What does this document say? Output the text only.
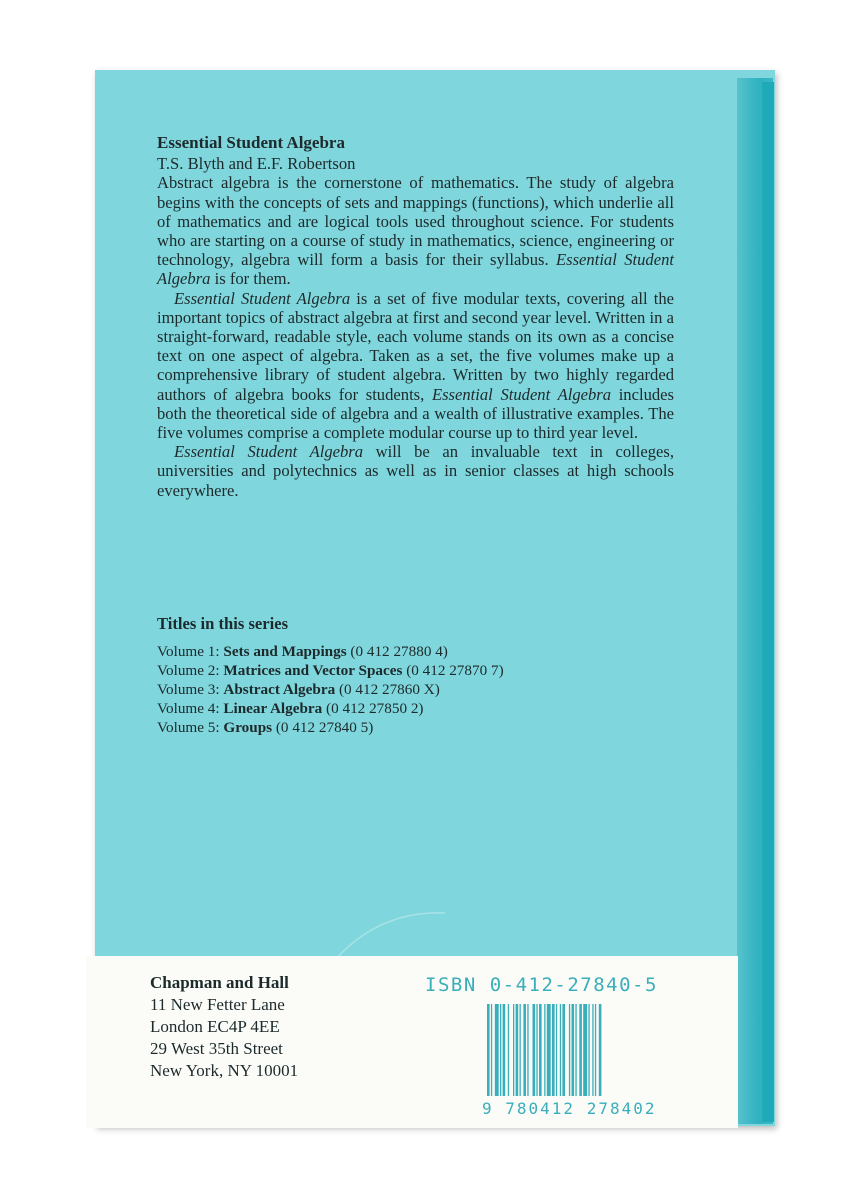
Essential Student Algebra
T.S. Blyth and E.F. Robertson

Abstract algebra is the cornerstone of mathematics. The study of algebra begins with the concepts of sets and mappings (functions), which underlie all of mathematics and are logical tools used throughout science. For students who are starting on a course of study in mathematics, science, engineering or technology, algebra will form a basis for their syllabus. Essential Student Algebra is for them.

Essential Student Algebra is a set of five modular texts, covering all the important topics of abstract algebra at first and second year level. Written in a straight-forward, readable style, each volume stands on its own as a concise text on one aspect of algebra. Taken as a set, the five volumes make up a comprehensive library of student algebra. Written by two highly regarded authors of algebra books for students, Essential Student Algebra includes both the theoretical side of algebra and a wealth of illustrative examples. The five volumes comprise a complete modular course up to third year level.

Essential Student Algebra will be an invaluable text in colleges, universities and polytechnics as well as in senior classes at high schools everywhere.

Titles in this series
Volume 1: Sets and Mappings (0 412 27880 4)
Volume 2: Matrices and Vector Spaces (0 412 27870 7)
Volume 3: Abstract Algebra (0 412 27860 X)
Volume 4: Linear Algebra (0 412 27850 2)
Volume 5: Groups (0 412 27840 5)
Chapman and Hall
11 New Fetter Lane
London EC4P 4EE
29 West 35th Street
New York, NY 10001
ISBN 0-412-27840-5
9 780412 278402
